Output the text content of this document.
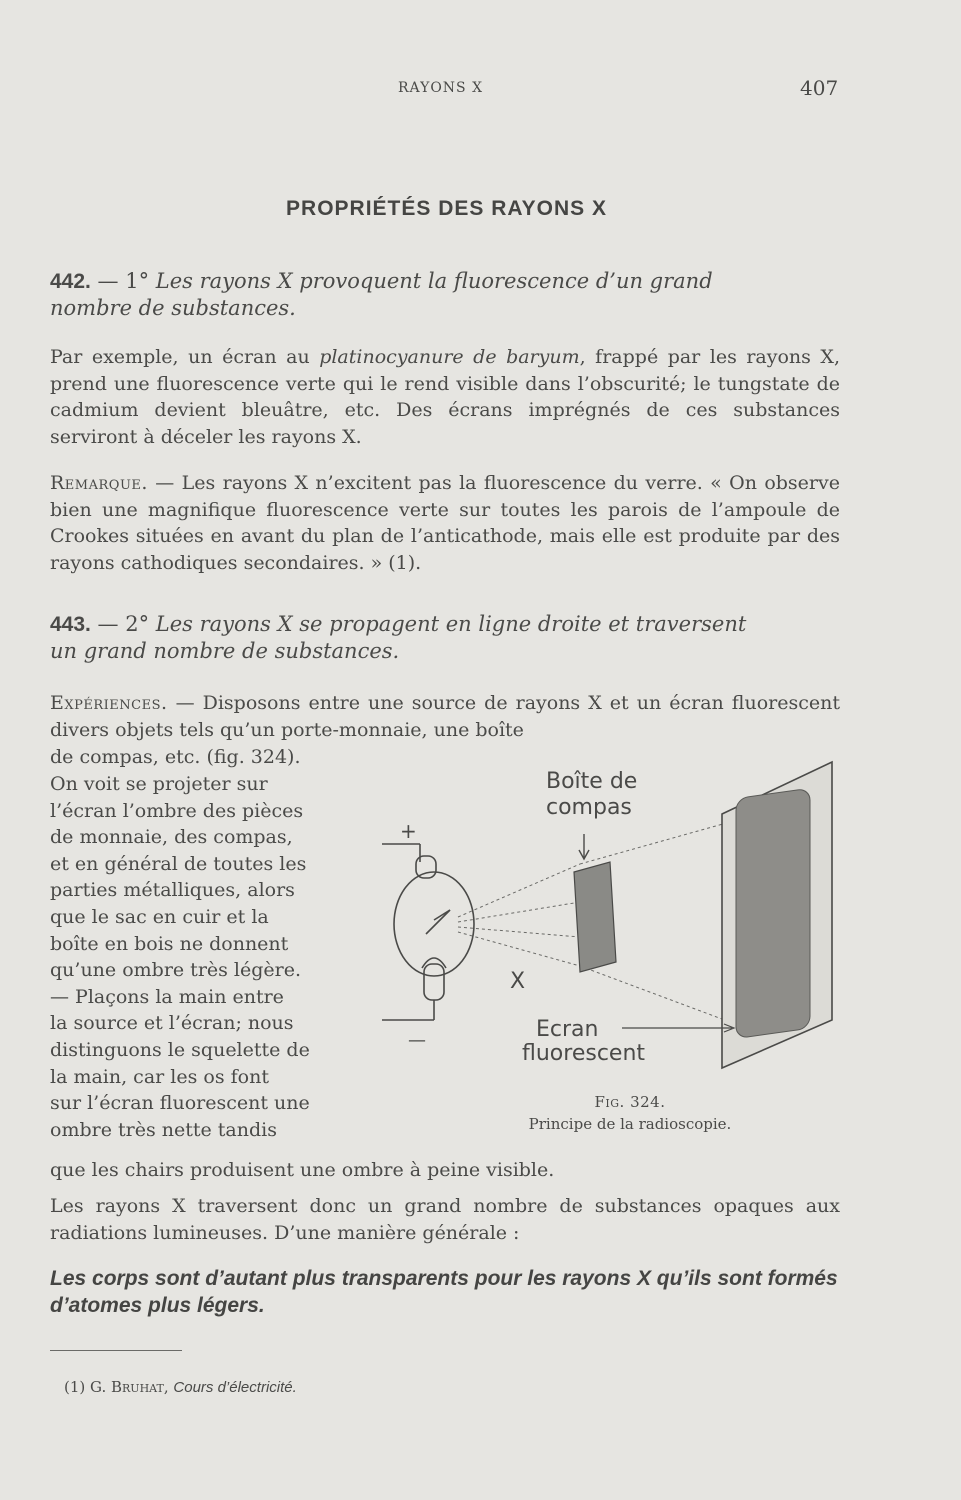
RAYONS X	407
PROPRIÉTÉS DES RAYONS X
442. — 1° Les rayons X provoquent la fluorescence d’un grand
nombre de substances.
Par exemple, un écran au platinocyanure de baryum, frappé par les rayons X, prend une fluorescence verte qui le rend visible dans l’obscurité; le tungstate de cadmium devient bleuâtre, etc. Des écrans imprégnés de ces substances serviront à déceler les rayons X.
Remarque. — Les rayons X n’excitent pas la fluorescence du verre. « On observe bien une magnifique fluorescence verte sur toutes les parois de l’ampoule de Crookes situées en avant du plan de l’anticathode, mais elle est produite par des rayons cathodiques secondaires. » (1).
443. — 2° Les rayons X se propagent en ligne droite et traversent
un grand nombre de substances.
Expériences. — Disposons entre une source de rayons X et un écran fluorescent divers objets tels qu’un porte-monnaie, une boîte
de compas, etc. (fig. 324).
On voit se projeter sur
l’écran l’ombre des pièces
de monnaie, des compas,
et en général de toutes les
parties métalliques, alors
que le sac en cuir et la
boîte en bois ne donnent
qu’une ombre très légère.
— Plaçons la main entre
la source et l’écran; nous
distinguons le squelette de
la main, car les os font
sur l’écran fluorescent une
ombre très nette tandis
que les chairs produisent une ombre à peine visible.
Les rayons X traversent donc un grand nombre de substances opaques aux radiations lumineuses. D’une manière générale :
Les corps sont d’autant plus transparents pour les rayons X qu’ils sont formés d’atomes plus légers.
+
—
Boîte de
compas
X
Ecran
fluorescent
Fig. 324.
Principe de la radioscopie.
(1) G. Bruhat, Cours d’électricité.
